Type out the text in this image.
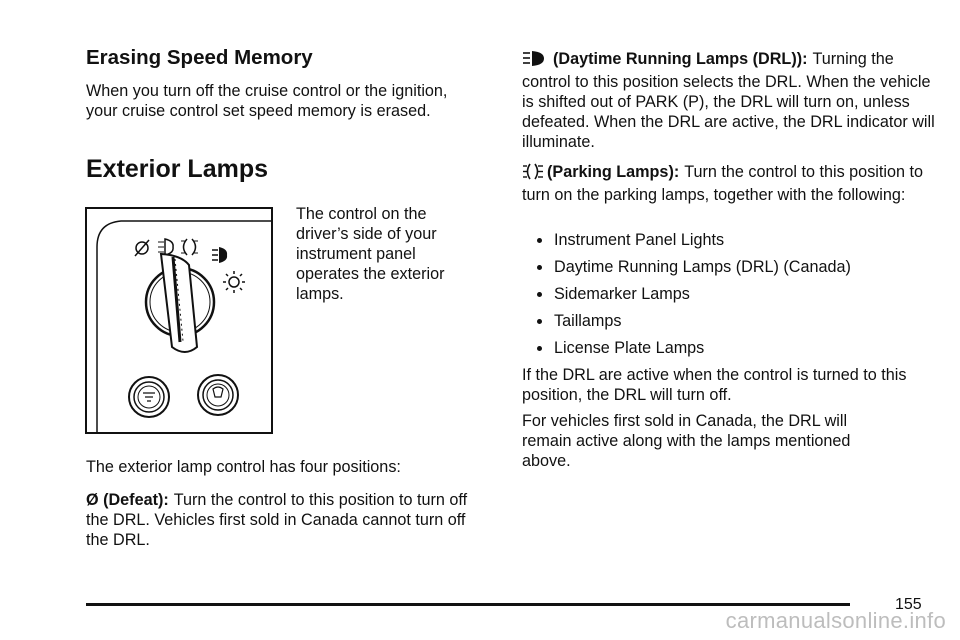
Erasing Speed Memory

When you turn off the cruise control or the ignition, your cruise control set speed memory is erased.

Exterior Lamps

The control on the driver’s side of your instrument panel operates the exterior lamps.

The exterior lamp control has four positions:

Ø (Defeat): Turn the control to this position to turn off the DRL. Vehicles first sold in Canada cannot turn off the DRL.

(Daytime Running Lamps (DRL)): Turning the control to this position selects the DRL. When the vehicle is shifted out of PARK (P), the DRL will turn on, unless defeated. When the DRL are active, the DRL indicator will illuminate.

(Parking Lamps): Turn the control to this position to turn on the parking lamps, together with the following:

Instrument Panel Lights
Daytime Running Lamps (DRL) (Canada)
Sidemarker Lamps
Taillamps
License Plate Lamps

If the DRL are active when the control is turned to this position, the DRL will turn off.

For vehicles first sold in Canada, the DRL will remain active along with the lamps mentioned above.

155
carmanualsonline.info
